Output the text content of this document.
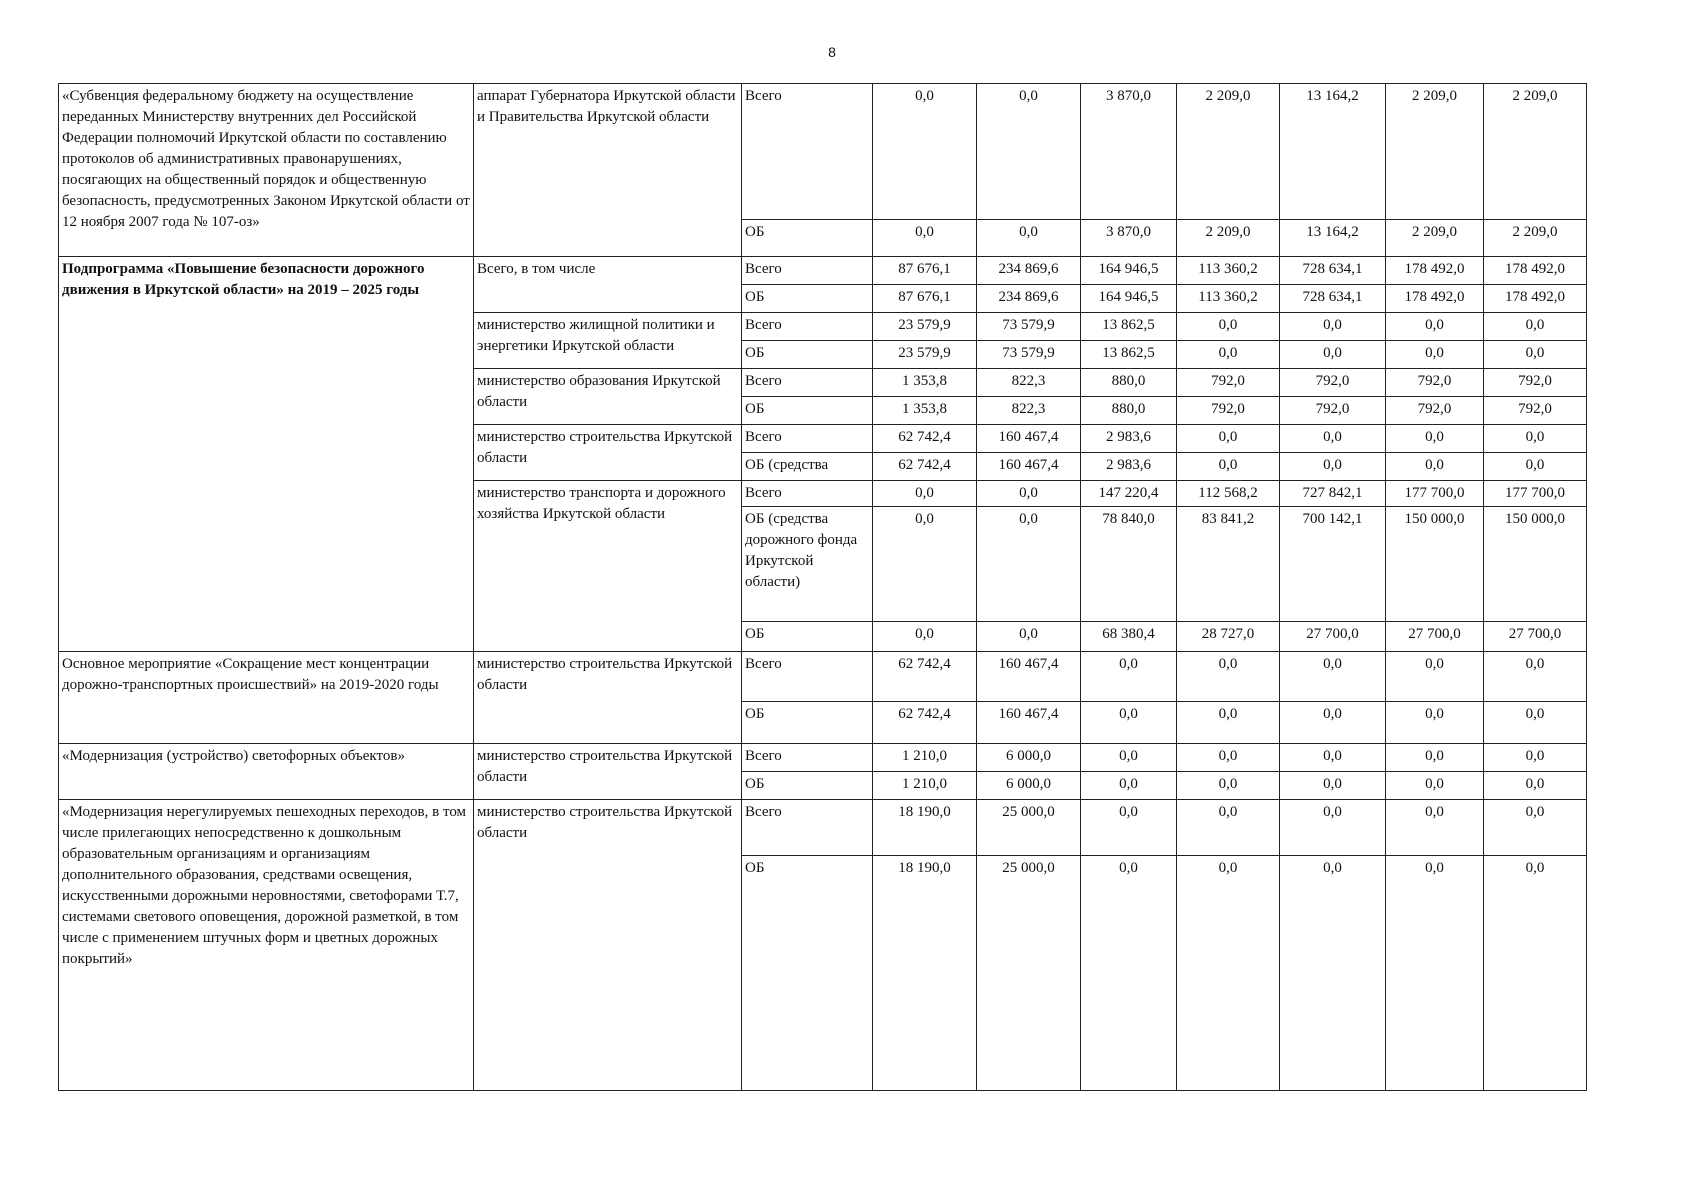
8
«Субвенция федеральному бюджету на осуществление переданных Министерству внутренних дел Российской Федерации полномочий Иркутской области по составлению протоколов об административных правонарушениях, посягающих на общественный порядок и общественную безопасность, предусмотренных Законом Иркутской области от 12 ноября 2007 года № 107-оз»	аппарат Губернатора Иркутской области и Правительства Иркутской области	Всего	0,0	0,0	3 870,0	2 209,0	13 164,2	2 209,0	2 209,0
		ОБ	0,0	0,0	3 870,0	2 209,0	13 164,2	2 209,0	2 209,0
Подпрограмма «Повышение безопасности дорожного движения в Иркутской области» на 2019 – 2025 годы	Всего, в том числе	Всего	87 676,1	234 869,6	164 946,5	113 360,2	728 634,1	178 492,0	178 492,0
		ОБ	87 676,1	234 869,6	164 946,5	113 360,2	728 634,1	178 492,0	178 492,0
	министерство жилищной политики и энергетики Иркутской области	Всего	23 579,9	73 579,9	13 862,5	0,0	0,0	0,0	0,0
		ОБ	23 579,9	73 579,9	13 862,5	0,0	0,0	0,0	0,0
	министерство образования Иркутской области	Всего	1 353,8	822,3	880,0	792,0	792,0	792,0	792,0
		ОБ	1 353,8	822,3	880,0	792,0	792,0	792,0	792,0
	министерство строительства Иркутской области	Всего	62 742,4	160 467,4	2 983,6	0,0	0,0	0,0	0,0
		ОБ (средства	62 742,4	160 467,4	2 983,6	0,0	0,0	0,0	0,0
	министерство транспорта и дорожного хозяйства Иркутской области	Всего	0,0	0,0	147 220,4	112 568,2	727 842,1	177 700,0	177 700,0
		ОБ (средства дорожного фонда Иркутской области)	0,0	0,0	78 840,0	83 841,2	700 142,1	150 000,0	150 000,0
		ОБ	0,0	0,0	68 380,4	28 727,0	27 700,0	27 700,0	27 700,0
Основное мероприятие «Сокращение мест концентрации дорожно-транспортных происшествий» на 2019-2020 годы	министерство строительства Иркутской области	Всего	62 742,4	160 467,4	0,0	0,0	0,0	0,0	0,0
		ОБ	62 742,4	160 467,4	0,0	0,0	0,0	0,0	0,0
«Модернизация (устройство) светофорных объектов»	министерство строительства Иркутской области	Всего	1 210,0	6 000,0	0,0	0,0	0,0	0,0	0,0
		ОБ	1 210,0	6 000,0	0,0	0,0	0,0	0,0	0,0
«Модернизация нерегулируемых пешеходных переходов, в том числе прилегающих непосредственно к дошкольным образовательным организациям и организациям дополнительного образования, средствами освещения, искусственными дорожными неровностями, светофорами Т.7, системами светового оповещения, дорожной разметкой, в том числе с применением штучных форм и цветных дорожных покрытий»	министерство строительства Иркутской области	Всего	18 190,0	25 000,0	0,0	0,0	0,0	0,0	0,0
		ОБ	18 190,0	25 000,0	0,0	0,0	0,0	0,0	0,0
